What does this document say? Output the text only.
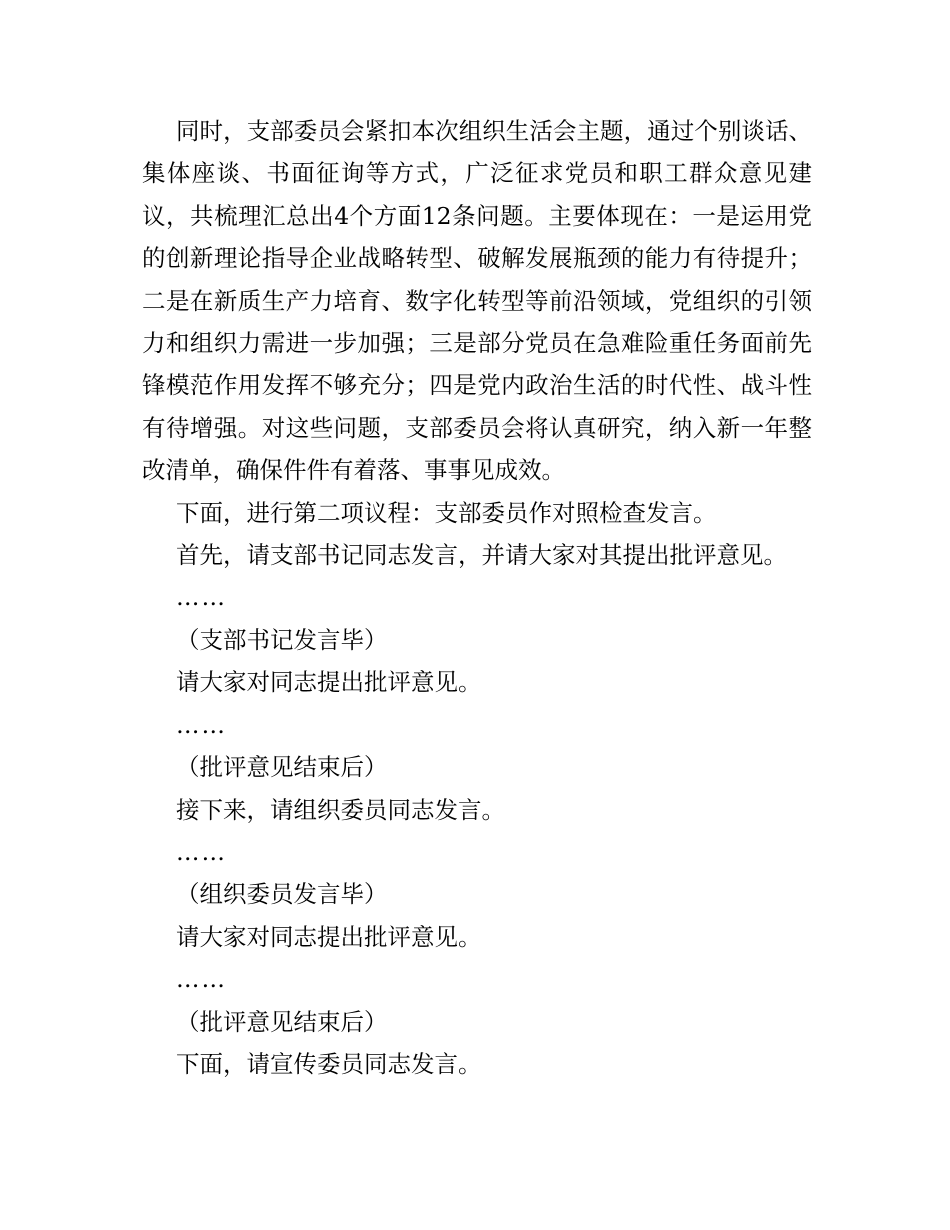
同时，支部委员会紧扣本次组织生活会主题，通过个别谈话、集体座谈、书面征询等方式，广泛征求党员和职工群众意见建议，共梳理汇总出4个方面12条问题。主要体现在：一是运用党的创新理论指导企业战略转型、破解发展瓶颈的能力有待提升；二是在新质生产力培育、数字化转型等前沿领域，党组织的引领力和组织力需进一步加强；三是部分党员在急难险重任务面前先锋模范作用发挥不够充分；四是党内政治生活的时代性、战斗性有待增强。对这些问题，支部委员会将认真研究，纳入新一年整改清单，确保件件有着落、事事见成效。

下面，进行第二项议程：支部委员作对照检查发言。

首先，请支部书记同志发言，并请大家对其提出批评意见。

……

（支部书记发言毕）

请大家对同志提出批评意见。

……

（批评意见结束后）

接下来，请组织委员同志发言。

……

（组织委员发言毕）

请大家对同志提出批评意见。

……

（批评意见结束后）

下面，请宣传委员同志发言。
